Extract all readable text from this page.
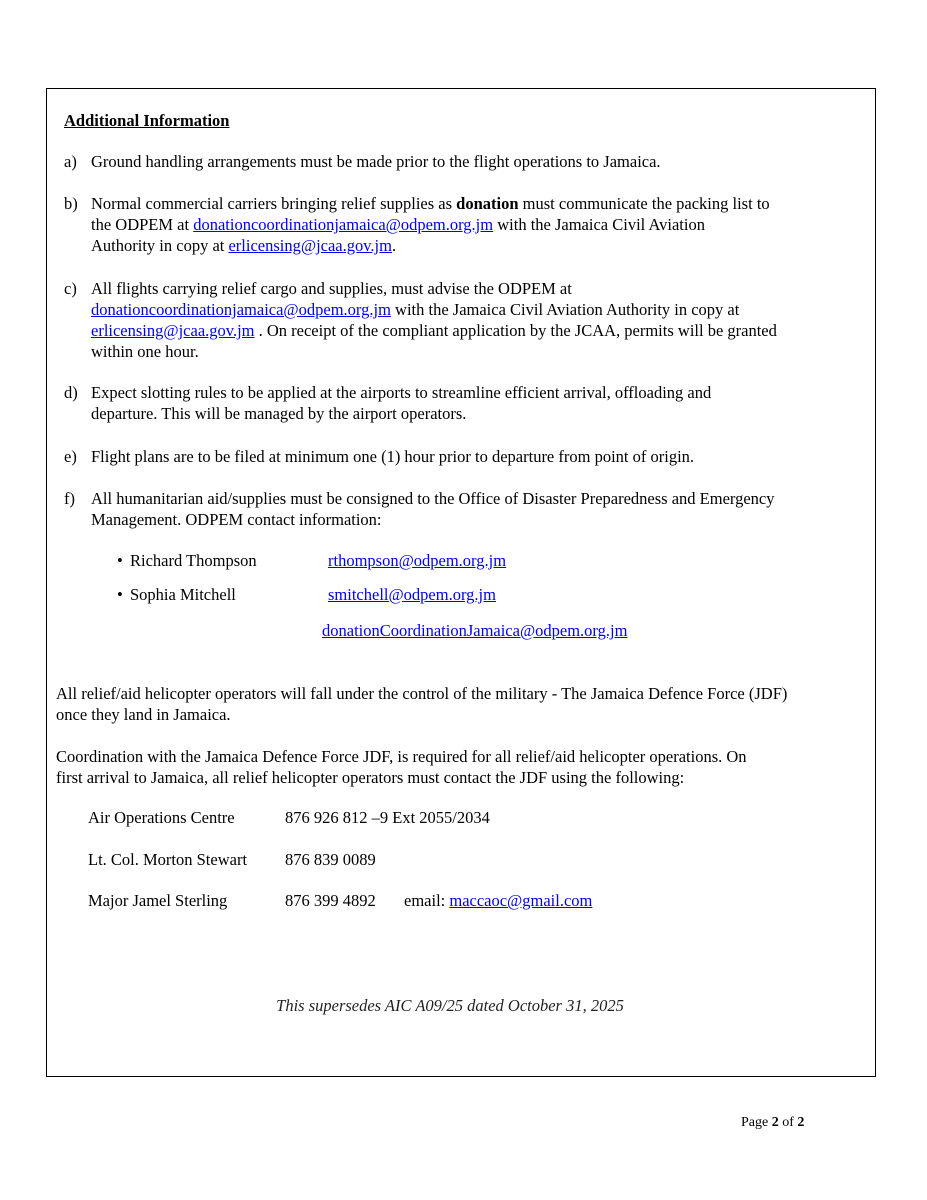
Additional Information
a) Ground handling arrangements must be made prior to the flight operations to Jamaica.
b) Normal commercial carriers bringing relief supplies as donation must communicate the packing list to
the ODPEM at donationcoordinationjamaica@odpem.org.jm with the Jamaica Civil Aviation
Authority in copy at erlicensing@jcaa.gov.jm.
c) All flights carrying relief cargo and supplies, must advise the ODPEM at
donationcoordinationjamaica@odpem.org.jm with the Jamaica Civil Aviation Authority in copy at
erlicensing@jcaa.gov.jm . On receipt of the compliant application by the JCAA, permits will be granted
within one hour.
d) Expect slotting rules to be applied at the airports to streamline efficient arrival, offloading and
departure. This will be managed by the airport operators.
e) Flight plans are to be filed at minimum one (1) hour prior to departure from point of origin.
f) All humanitarian aid/supplies must be consigned to the Office of Disaster Preparedness and Emergency
Management. ODPEM contact information:
• Richard Thompson	rthompson@odpem.org.jm
• Sophia Mitchell	smitchell@odpem.org.jm
donationCoordinationJamaica@odpem.org.jm
All relief/aid helicopter operators will fall under the control of the military - The Jamaica Defence Force (JDF)
once they land in Jamaica.
Coordination with the Jamaica Defence Force JDF, is required for all relief/aid helicopter operations. On
first arrival to Jamaica, all relief helicopter operators must contact the JDF using the following:
Air Operations Centre	876 926 812 –9 Ext 2055/2034
Lt. Col. Morton Stewart 876 839 0089
Major Jamel Sterling	876 399 4892 email: maccaoc@gmail.com
This supersedes AIC A09/25 dated October 31, 2025
Page 2 of 2
